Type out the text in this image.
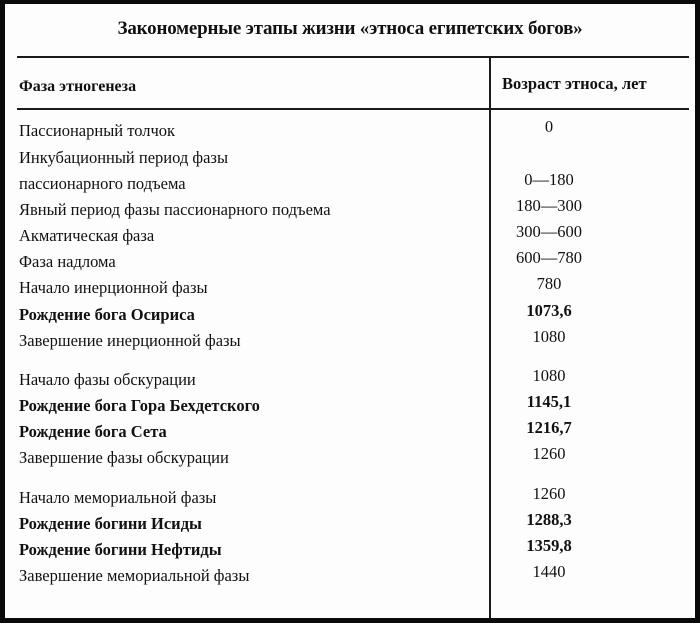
Закономерные этапы жизни «этноса египетских богов»
Фаза этногенеза	Возраст этноса, лет
Пассионарный толчок	0
Инкубационный период фазы
пассионарного подъема	0—180
Явный период фазы пассионарного подъема	180—300
Акматическая фаза	300—600
Фаза надлома	600—780
Начало инерционной фазы	780
Рождение бога Осириса	1073,6
Завершение инерционной фазы	1080
Начало фазы обскурации	1080
Рождение бога Гора Бехдетского	1145,1
Рождение бога Сета	1216,7
Завершение фазы обскурации	1260
Начало мемориальной фазы	1260
Рождение богини Исиды	1288,3
Рождение богини Нефтиды	1359,8
Завершение мемориальной фазы	1440
